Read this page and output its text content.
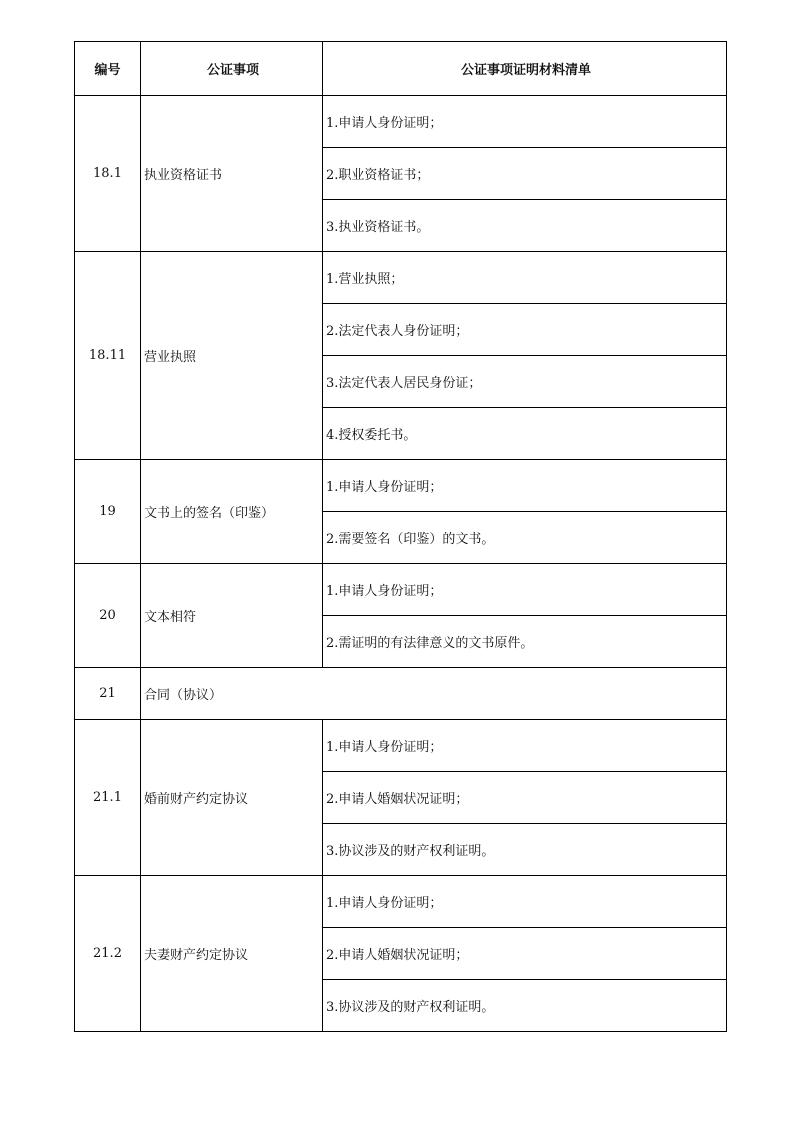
编号	公证事项	公证事项证明材料清单
18.1	执业资格证书	1.申请人身份证明；
		2.职业资格证书；
		3.执业资格证书。
18.11	营业执照	1.营业执照；
		2.法定代表人身份证明；
		3.法定代表人居民身份证；
		4.授权委托书。
19	文书上的签名（印鉴）	1.申请人身份证明；
		2.需要签名（印鉴）的文书。
20	文本相符	1.申请人身份证明；
		2.需证明的有法律意义的文书原件。
21	合同（协议）	
21.1	婚前财产约定协议	1.申请人身份证明；
		2.申请人婚姻状况证明；
		3.协议涉及的财产权利证明。
21.2	夫妻财产约定协议	1.申请人身份证明；
		2.申请人婚姻状况证明；
		3.协议涉及的财产权利证明。
